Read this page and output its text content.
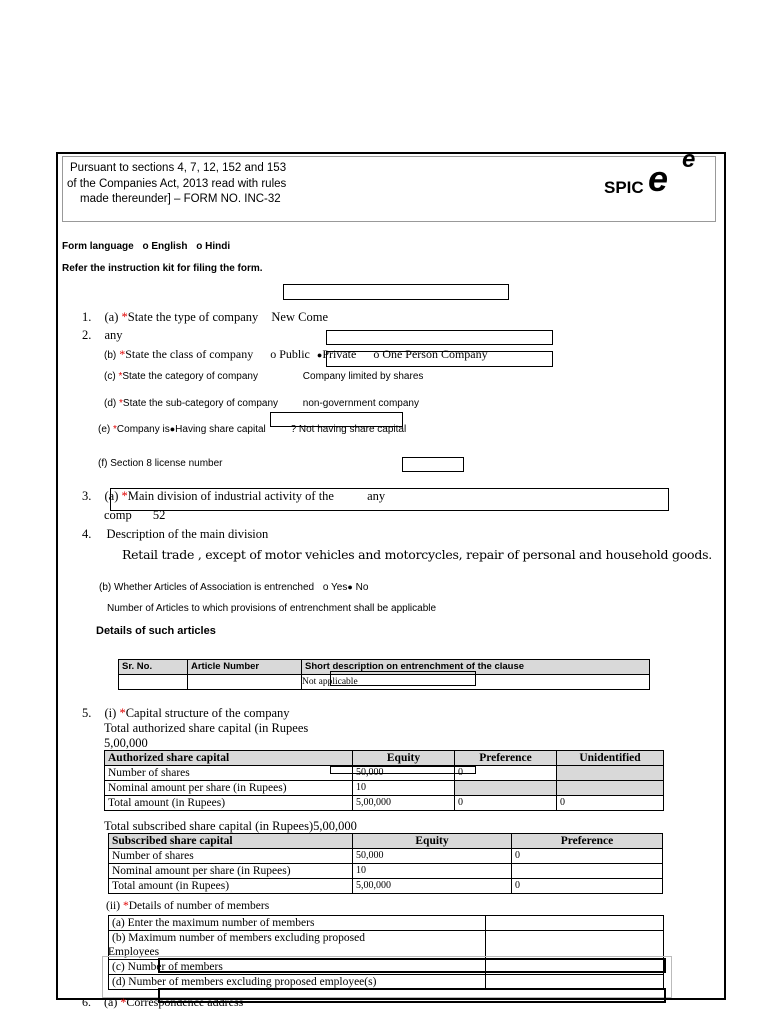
Pursuant to sections 4, 7, 12, 152 and 153
of the Companies Act, 2013 read with rules
made thereunder] – FORM NO. INC-32
SPIC e e
Form language o English o Hindi
Refer the instruction kit for filing the form.
1. (a) *State the type of company New Come
2. any
(b) *State the class of company o Public ●Private o One Person Company
(c) *State the category of company	Company limited by shares
(d) *State the sub-category of company non-government company
(e) *Company is●Having share capital ? Not having share capital
(f) Section 8 license number
3. (a) *Main division of industrial activity of the	any
comp 52
4. Description of the main division
Retail trade , except of motor vehicles and motorcycles, repair of personal and household goods.
(b) Whether Articles of Association is entrenched o Yes● No
Number of Articles to which provisions of entrenchment shall be applicable
Details of such articles
Sr. No.	Article Number	Short description on entrenchment of the clause

		Not applicable
5. (i) *Capital structure of the company
Total authorized share capital (in Rupees
5,00,000
Authorized share capital	Equity	Preference	Unidentified
Number of shares	50,000	0	
Nominal amount per share (in Rupees)	10		
Total amount (in Rupees)	5,00,000	0	0
Total subscribed share capital (in Rupees)5,00,000
Subscribed share capital	Equity	Preference
Number of shares	50,000	0
Nominal amount per share (in Rupees)	10	
Total amount (in Rupees)	5,00,000	0
(ii) *Details of number of members
(a) Enter the maximum number of members	
(b) Maximum number of members excluding proposed
Employees	
(c) Number of members	
(d) Number of members excluding proposed employee(s)	
6. (a) *Correspondence address
